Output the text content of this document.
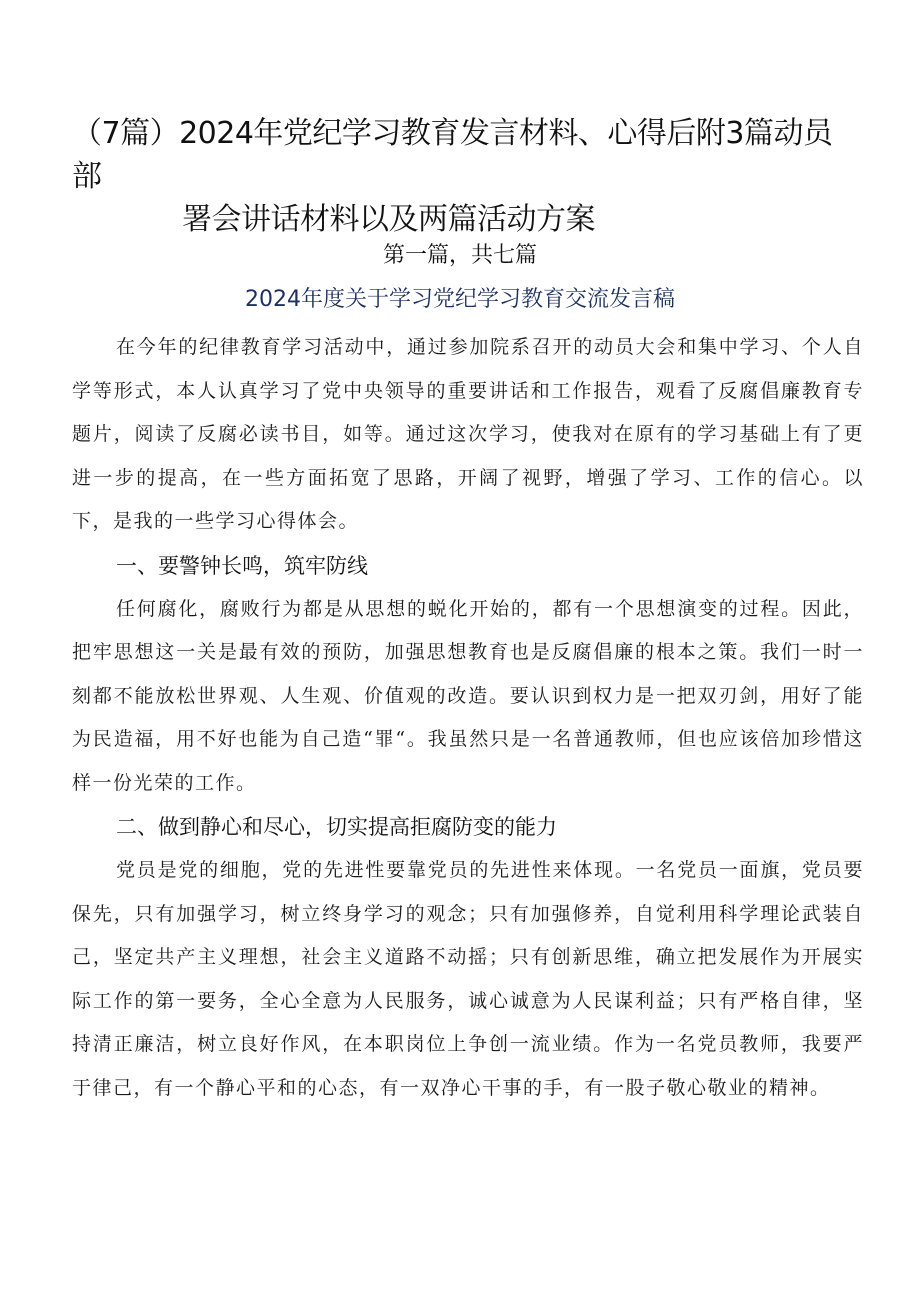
（7篇）2024年党纪学习教育发言材料、心得后附3篇动员部
署会讲话材料以及两篇活动方案
第一篇，共七篇
2024年度关于学习党纪学习教育交流发言稿

在今年的纪律教育学习活动中，通过参加院系召开的动员大会和集中学习、个人自学等形式，本人认真学习了党中央领导的重要讲话和工作报告，观看了反腐倡廉教育专题片，阅读了反腐必读书目，如等。通过这次学习，使我对在原有的学习基础上有了更进一步的提高，在一些方面拓宽了思路，开阔了视野，增强了学习、工作的信心。以下，是我的一些学习心得体会。

一、要警钟长鸣，筑牢防线

任何腐化，腐败行为都是从思想的蜕化开始的，都有一个思想演变的过程。因此，把牢思想这一关是最有效的预防，加强思想教育也是反腐倡廉的根本之策。我们一时一刻都不能放松世界观、人生观、价值观的改造。要认识到权力是一把双刃剑，用好了能为民造福，用不好也能为自己造“罪“。我虽然只是一名普通教师，但也应该倍加珍惜这样一份光荣的工作。

二、做到静心和尽心，切实提高拒腐防变的能力

党员是党的细胞，党的先进性要靠党员的先进性来体现。一名党员一面旗，党员要保先，只有加强学习，树立终身学习的观念；只有加强修养，自觉利用科学理论武装自己，坚定共产主义理想，社会主义道路不动摇；只有创新思维，确立把发展作为开展实际工作的第一要务，全心全意为人民服务，诚心诚意为人民谋利益；只有严格自律，坚持清正廉洁，树立良好作风，在本职岗位上争创一流业绩。作为一名党员教师，我要严于律己，有一个静心平和的心态，有一双净心干事的手，有一股子敬心敬业的精神。
